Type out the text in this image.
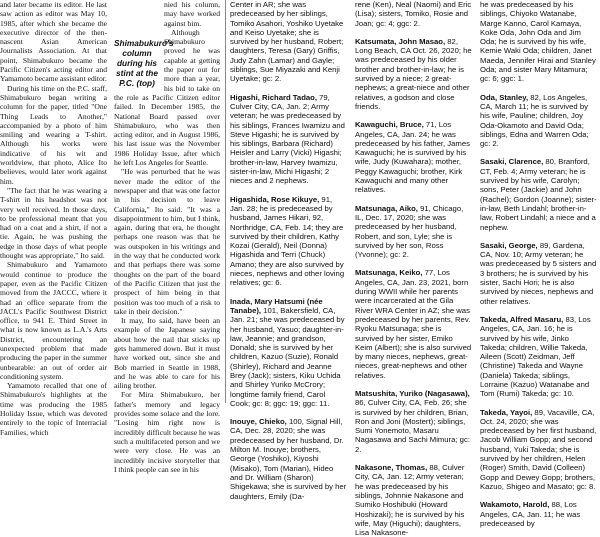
and later became its editor. He last saw action as editor was May 10, 1985, after which she became the executive director of the then-nascent Asian American Journalists Association. At that point, Shimabukuro became the Pacific Citizen's acting editor and Yamamoto became assistant editor.

During his time on the P.C. staff, Shimabukuro began writing a column for the paper, titled "One Thing Leads to Another," accompanied by a photo of him smiling and wearing a T-shirt. Although his works were indicative of his wit and worldview, that photo, Alice Ito believes, would later work against him.

"The fact that he was wearing a T-shirt in his headshot was not very well received. In those days, to be professional meant that you had on a coat and a shirt, if not a tie. Again, he was pushing the edge in those days of what people thought was appropriate," Ito said.

Shimabukuro and Yamamoto would continue to produce the paper, even as the Pacific Citizen moved from the JACCC, where it had an office separate from the JACL's Pacific Southwest District office, to 941 E. Third Street in what is now known as L.A.'s Arts District, encountering an unexpected problem that made producing the paper in the summer unbearable: an out of order air conditioning system.

Yamamoto recalled that one of Shimabukuro's highlights at the time was producing the 1985 Holiday Issue, which was devoted entirely to the topic of Interracial Families, which

Shimabukuro's column during his stint at the P.C. (top)

nied his column, may have worked against him.

Although Shimabukuro proved he was capable at getting the paper out for more than a year, his bid to take on the role as Pacific Citizen editor failed. In December 1985, the National Board passed over Shimabukuro, who was then acting editor, and in August 1986, his last issue was the November 1986 Holiday Issue, after which he left Los Angeles for Seattle.

"He was perturbed that he was never made the editor of the newspaper and that was one factor in his decision to leave California," Ito said. "It was a disappointment to him, but I think, again, during that era, he thought perhaps one reason was that he was outspoken in his writings and in the way that he conducted work and that perhaps there was some thoughts on the part of the board of the Pacific Citizen that just the prospect of him being in that position was too much of a risk to take in their decision."

It may, Ito said, have been an example of the Japanese saying about how the nail that sticks up gets hammered down. But it must have worked out, since she and Bob married in Seattle in 1988, and he was able to care for his ailing brother.

For Mira Shimabukuro, her father's memory and legacy provides some solace and the lore. "Losing him right now is incredibly difficult because he was such a multifaceted person and we were very close. He was an incredibly incisive storyteller that I think people can see in his

Center in AR; she was predeceased by her siblings, Tomiko Asahori, Yoshiko Uyetake and Keiso Uyetake; she is survived by her husband, Robert; daughters, Teresa (Gary) Griffis, Judy Zahn (Lamar) and Gayle; siblings, Sue Miyazaki and Kenji Uyetake; gc: 2.

Higashi, Richard Tadao, 79, Culver City, CA, Jan. 2; Army veteran; he was predeceased by his siblings, Frances Iwamizu and Steve Higashi; he is survived by his siblings, Barbara (Richard) Heisler and Larry (Vicki) Higashi; brother-in-law, Harvey Iwamizu, sister-in-law, Michi Higashi; 2 nieces and 2 nephews.

Higashida, Rose Kikuye, 91, Jan. 28; he is predeceased by husband, James Hikari, 92, Northridge, CA, Feb. 14; they are survived by their children, Kathy Kozai (Gerald), Neil (Donna) Higashida and Terri (Chuck) Amano; they are also survived by nieces, nephews and other loving relatives; gc: 6.

Inada, Mary Hatsumi (née Tanabe), 101, Bakersfield, CA, Jan. 21; she was predeceased by her husband, Yasuo; daughter-in-law, Jeannie; and grandson, Donald; she is survived by her children, Kazuo (Suzie), Ronald (Shirley), Richard and Jeanne Brey (Jack); sisters, Kiku Uchida and Shirley Yuriko McCrory; longtime family friend, Carol Cook; gc: 8; ggc: 19; ggc: 11.

Inouye, Chieko, 100, Signal Hill, CA, Dec. 28, 2020; she was predeceased by her husband, Dr. Milton M. Inouye; brothers, George (Yoshiko), Kiyoshi (Misako), Tom (Marian), Hideo and Dr. William (Sharon) Shigekawa; she is survived by her daughters, Emily (Da-

rene (Ken), Neal (Naomi) and Eric (Lisa); sisters, Tomiko, Rosie and Joan; gc: 4; ggc: 2.

Katsumata, John Masao, 82, Long Beach, CA Oct. 26, 2020; he was predeceased by his older brother and brother-in-law; he is survived by a niece; 2 great-nephews; a great-niece and other relatives, a godson and close friends.

Kawaguchi, Bruce, 71, Los Angeles, CA, Jan. 24; he was predeceased by his father, James Kawaguchi; he is survived by his wife, Judy (Kuwahara); mother, Peggy Kawaguchi; brother, Kirk Kawaguchi and many other relatives.

Matsunaga, Aiko, 91, Chicago, IL, Dec. 17, 2020; she was predeceased by her husband, Robert, and son, Lyle; she is survived by her son, Ross (Yvonne); gc: 2.

Matsunaga, Keiko, 77, Los Angeles, CA, Jan. 23, 2021, born during WWII while her parents were incarcerated at the Gila River WRA Center in AZ; she was predeceased by her parents, Rev. Ryoku Matsunaga; she is survived by her sister, Emiko Keim (Albert); she is also survived by many nieces, nephews, great-nieces, great-nephews and other relatives.

Matsushita, Yuriko (Nagasawa), 86, Culver City, CA, Feb. 26; she is survived by her children, Brian, Ron and Joni (Mostert); siblings, Sumi Yonemoto, Masaru Nagasawa and Sachi Mimura; gc: 2.

Nakasone, Thomas, 88, Culver City, CA, Jan. 12; Army veteran; he was predeceased by his siblings, Johnnie Nakasone and Sumiko Hoshibuki (Howard Hoshizaki); he is survived by his wife, May (Higuchi); daughters, Lisa Nakasone-

he was predeceased by his siblings, Chiyoko Watanabe, Marge Kanno, Carol Kamaya, Koke Oda, John Oda and Jim Oda; he is survived by his wife, Kemie Waki Oda; children, Janet Maeda, Jennifer Hirai and Stanley Oda; and sister Mary Mitamura; gc: 6; ggc: 1.

Oda, Stanley, 82, Los Angeles, CA, March 11; he is survived by his wife, Pauline; children, Joy Oda-Okamoto and David Oda; siblings, Edna and Warren Oda; gc: 2.

Sasaki, Clarence, 80, Branford, CT, Feb. 4; Army veteran; he is survived by his wife, Carolyn; sons, Peter (Jackie) and John (Rachel); Gordon (Joanne); sister-in-law, Beth Lindahl; brother-in-law, Robert Lindahl; a niece and a nephew.

Sasaki, George, 89, Gardena, CA, Nov. 10; Army veteran; he was predeceased by 5 sisters and 3 brothers; he is survived by his sister, Sachi Hori; he is also survived by nieces, nephews and other relatives.

Takeda, Alfred Masaru, 83, Los Angeles, CA, Jan. 16; he is survived by his wife, Jinko Takeda; children, Willie Takeda, Aileen (Scott) Zeidman, Jeff (Christine) Takeda and Wayne (Daniela) Takeda; siblings, Lorraine (Kazuo) Watanabe and Tom (Rumi) Takeda; gc: 10.

Takeda, Yayoi, 89, Vacaville, CA, Oct. 24, 2020; she was predeceased by her first husband, Jacob William Gopp; and second husband, Yuki Takeda; she is survived by her children, Helen (Roger) Smith, David (Colleen) Gopp and Dewey Gopp; brothers, Kazuo, Shigeo and Masato; gc: 8.

Wakamoto, Harold, 88, Los Angeles, CA, Jan. 11; he was predeceased by
